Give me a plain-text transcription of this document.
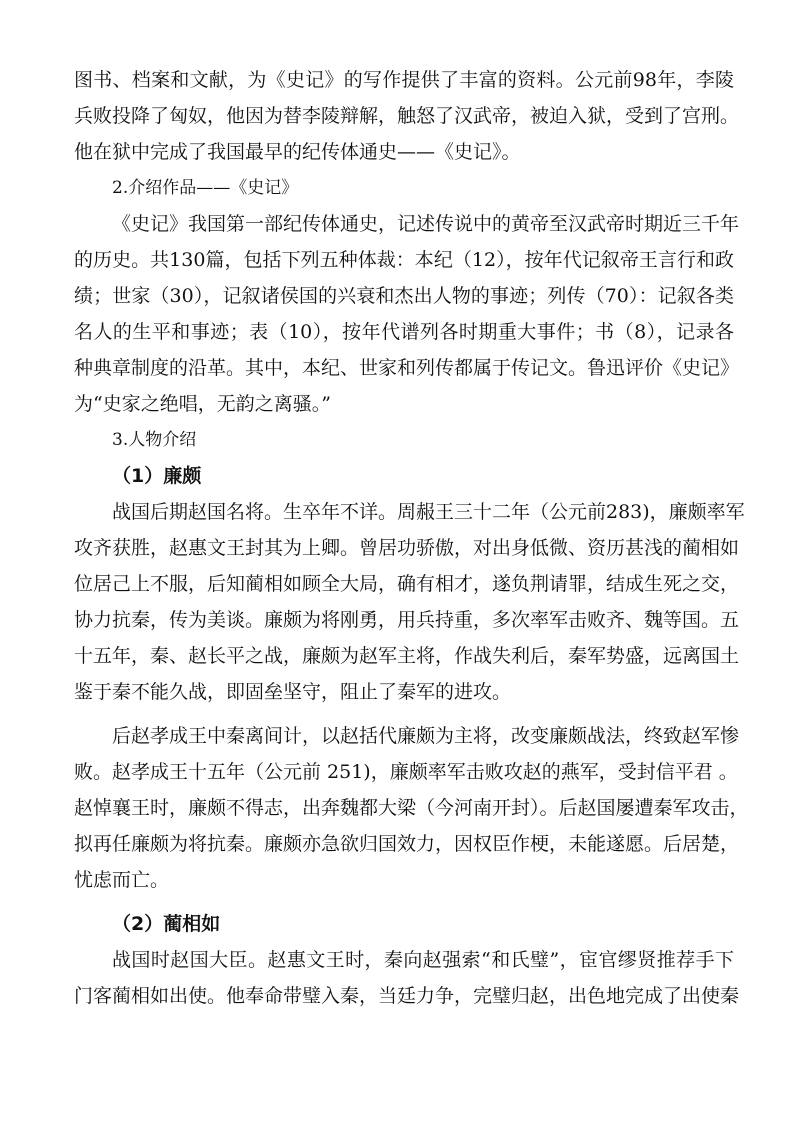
图书、档案和文献，为《史记》的写作提供了丰富的资料。公元前98年，李陵
兵败投降了匈奴，他因为替李陵辩解，触怒了汉武帝，被迫入狱，受到了宫刑。
他在狱中完成了我国最早的纪传体通史——《史记》。
2.介绍作品——《史记》
《史记》我国第一部纪传体通史，记述传说中的黄帝至汉武帝时期近三千年
的历史。共130篇，包括下列五种体裁：本纪（12），按年代记叙帝王言行和政
绩；世家（30），记叙诸侯国的兴衰和杰出人物的事迹；列传（70）：记叙各类
名人的生平和事迹；表（10），按年代谱列各时期重大事件；书（8），记录各
种典章制度的沿革。其中，本纪、世家和列传都属于传记文。鲁迅评价《史记》
为“史家之绝唱，无韵之离骚。”
3.人物介绍
（1）廉颇
战国后期赵国名将。生卒年不详。周赧王三十二年（公元前283)，廉颇率军
攻齐获胜，赵惠文王封其为上卿。曾居功骄傲，对出身低微、资历甚浅的蔺相如
位居己上不服，后知蔺相如顾全大局，确有相才，遂负荆请罪，结成生死之交，
协力抗秦，传为美谈。廉颇为将刚勇，用兵持重，多次率军击败齐、魏等国。五
十五年，秦、赵长平之战，廉颇为赵军主将，作战失利后，秦军势盛，远离国土
鉴于秦不能久战，即固垒坚守，阻止了秦军的进攻。
后赵孝成王中秦离间计，以赵括代廉颇为主将，改变廉颇战法，终致赵军惨
败。赵孝成王十五年（公元前 251)，廉颇率军击败攻赵的燕军，受封信平君 。
赵悼襄王时，廉颇不得志，出奔魏都大梁（今河南开封）。后赵国屡遭秦军攻击，
拟再任廉颇为将抗秦。廉颇亦急欲归国效力，因权臣作梗，未能遂愿。后居楚，
忧虑而亡。
（2）蔺相如
战国时赵国大臣。赵惠文王时，秦向赵强索“和氏璧”，宦官缪贤推荐手下
门客蔺相如出使。他奉命带璧入秦，当廷力争，完璧归赵，出色地完成了出使秦
